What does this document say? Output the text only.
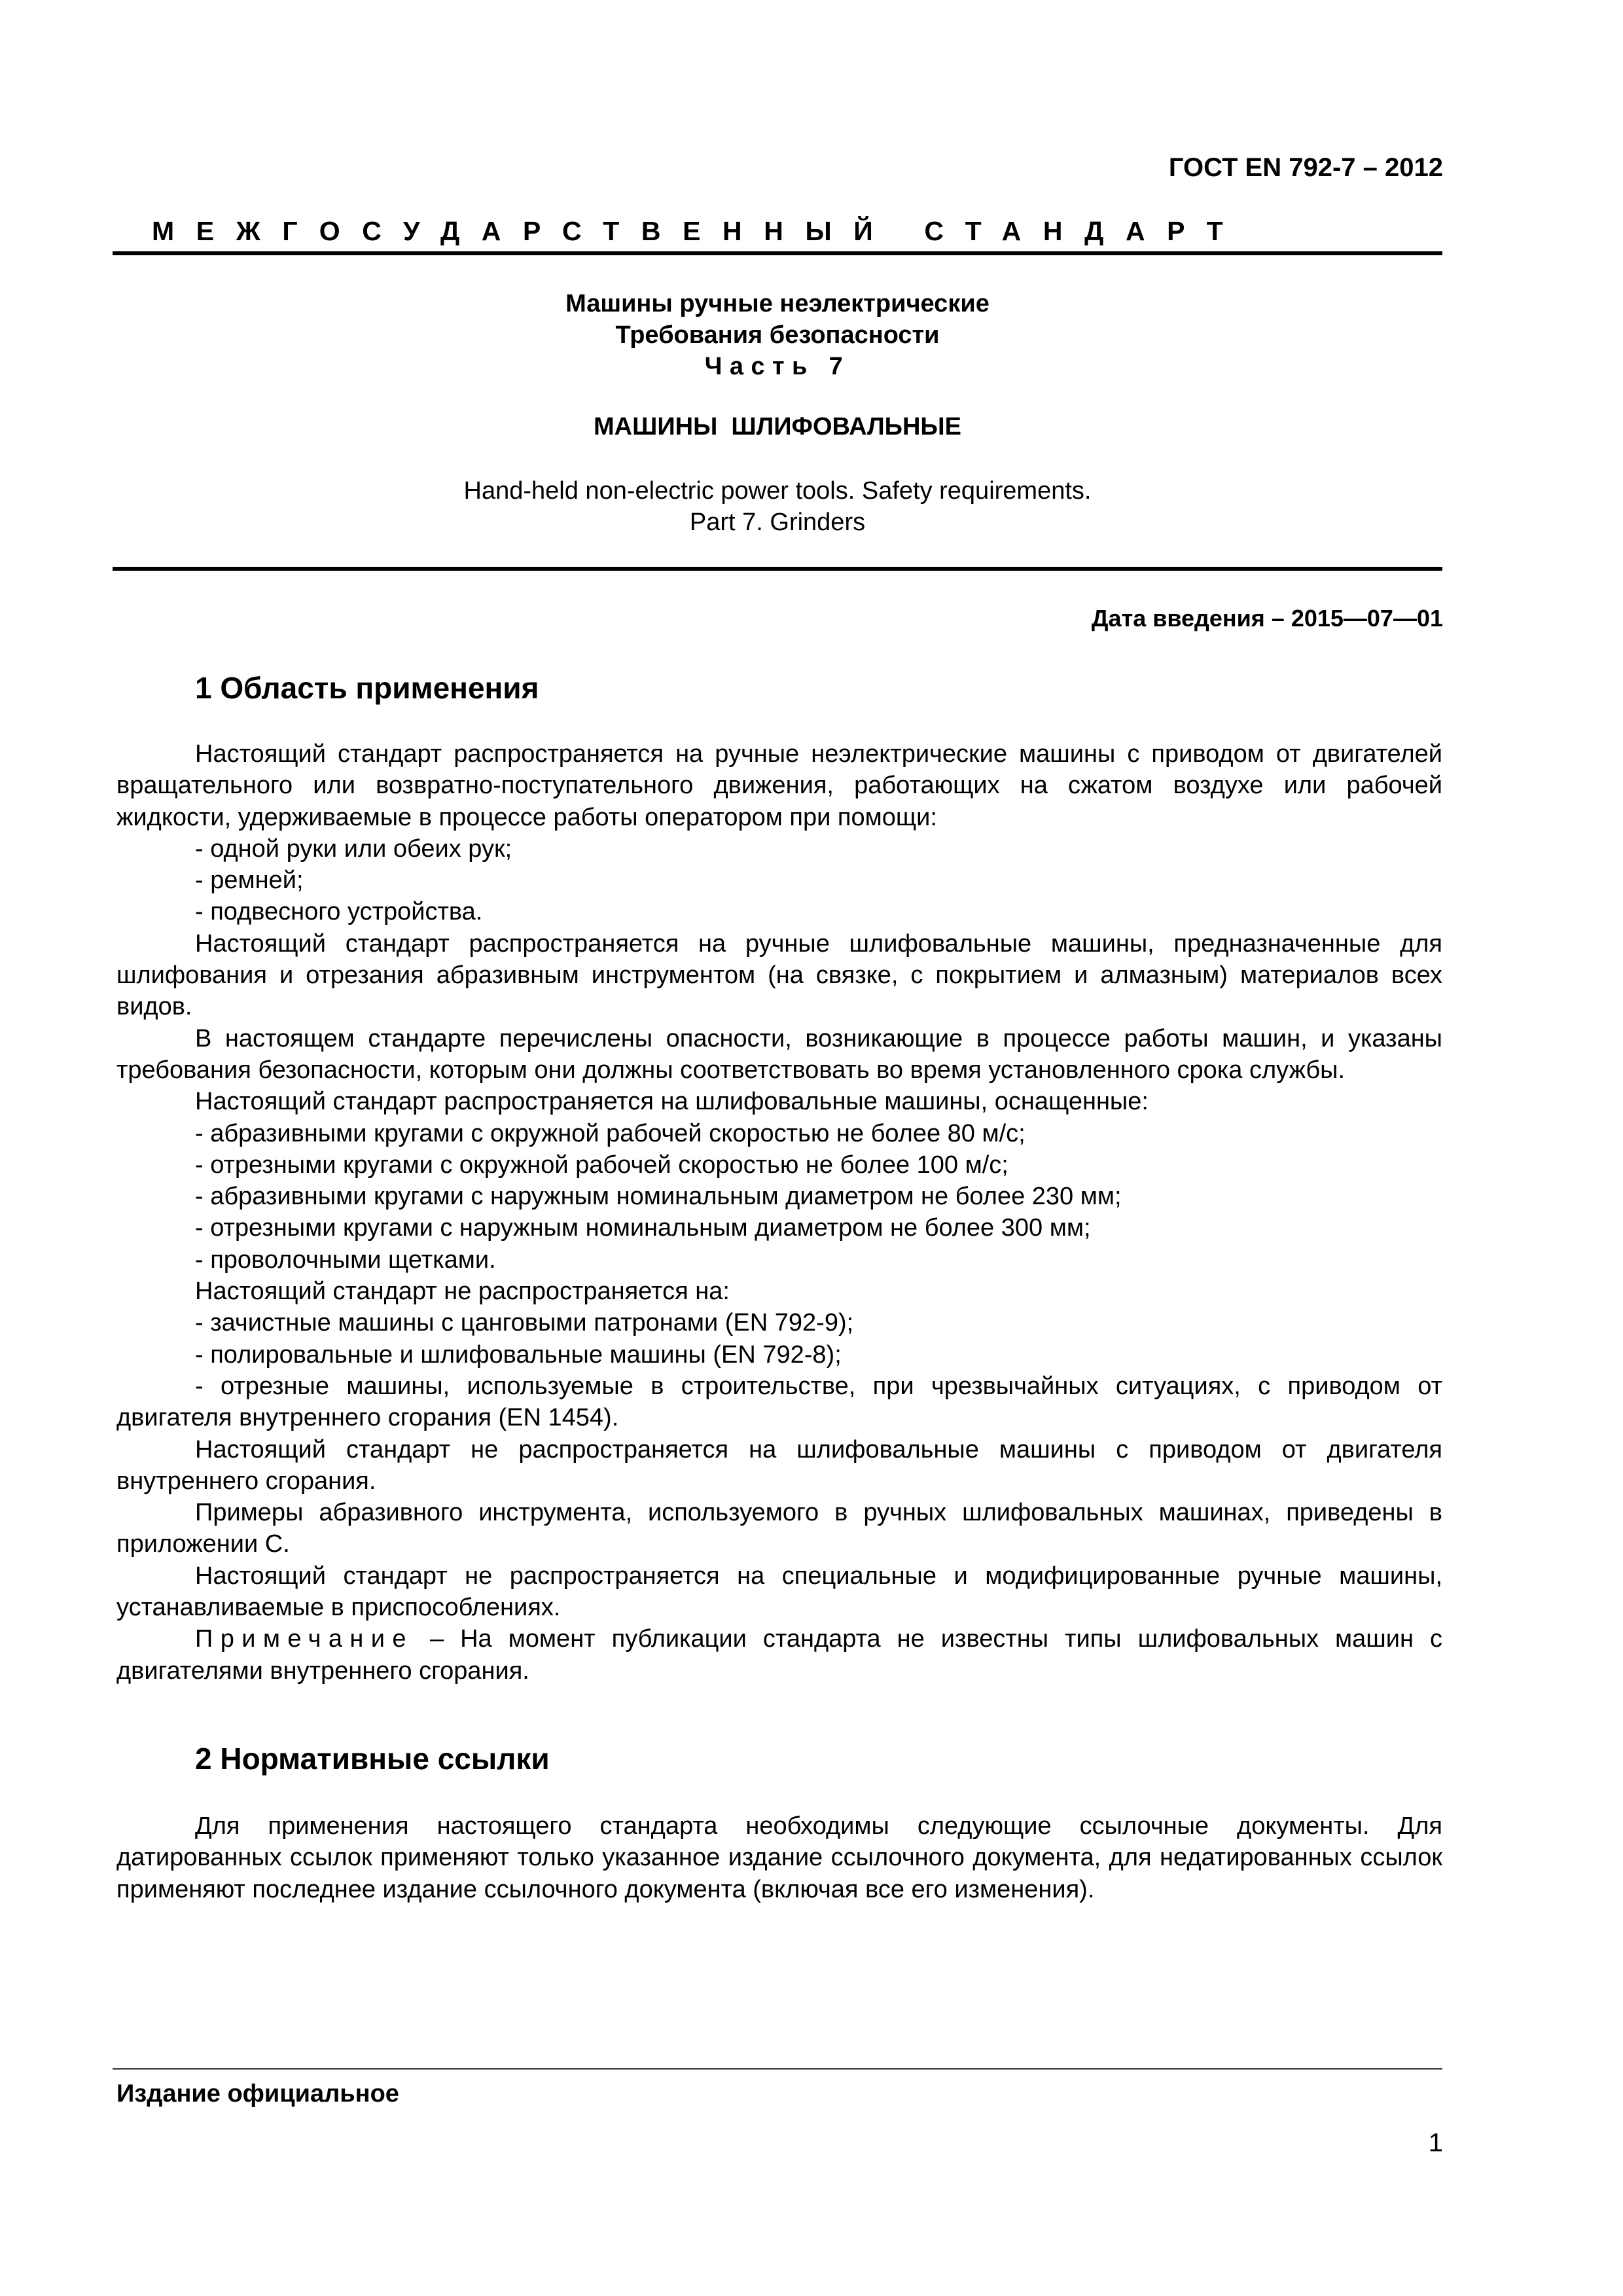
ГОСТ EN 792-7 – 2012
МЕЖГОСУДАРСТВЕННЫЙ СТАНДАРТ
Машины ручные неэлектрические
Требования безопасности
Часть 7
МАШИНЫ  ШЛИФОВАЛЬНЫЕ
Hand-held non-electric power tools. Safety requirements.
Part 7. Grinders
Дата введения – 2015—07—01
1 Область применения

Настоящий стандарт распространяется на ручные неэлектрические машины с приводом от двигателей вращательного или возвратно-поступательного движения, работающих на сжатом воздухе или рабочей жидкости, удерживаемые в процессе работы оператором при помощи:

- одной руки или обеих рук;
- ремней;
- подвесного устройства.

Настоящий стандарт распространяется на ручные шлифовальные машины, предназначенные для шлифования и отрезания абразивным инструментом (на связке, с покрытием и алмазным) материалов всех видов.

В настоящем стандарте перечислены опасности, возникающие в процессе работы машин, и указаны требования безопасности, которым они должны соответствовать во время установленного срока службы.

Настоящий стандарт распространяется на шлифовальные машины, оснащенные:

- абразивными кругами с окружной рабочей скоростью не более 80 м/с;
- отрезными кругами с окружной рабочей скоростью не более 100 м/с;
- абразивными кругами с наружным номинальным диаметром не более 230 мм;
- отрезными кругами с наружным номинальным диаметром не более 300 мм;
- проволочными щетками.

Настоящий стандарт не распространяется на:

- зачистные машины с цанговыми патронами (EN 792-9);
- полировальные и шлифовальные машины (EN 792-8);

- отрезные машины, используемые в строительстве, при чрезвычайных ситуациях, с приводом от двигателя внутреннего сгорания (EN 1454).

Настоящий стандарт не распространяется на шлифовальные машины с приводом от двигателя внутреннего сгорания.

Примеры абразивного инструмента, используемого в ручных шлифовальных машинах, приведены в приложении С.

Настоящий стандарт не распространяется на специальные и модифицированные ручные машины, устанавливаемые в приспособлениях.

Примечание – На момент публикации стандарта не известны типы шлифовальных машин с двигателями внутреннего сгорания.

2 Нормативные ссылки

Для применения настоящего стандарта необходимы следующие ссылочные документы. Для датированных ссылок применяют только указанное издание ссылочного документа, для недатированных ссылок применяют последнее издание ссылочного документа (включая все его изменения).

Издание официальное
1
